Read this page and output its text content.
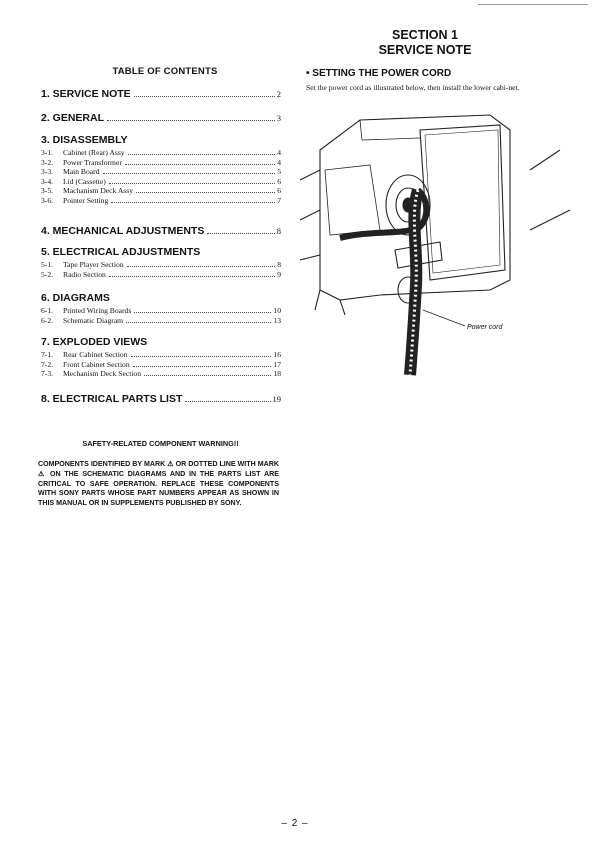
TABLE OF CONTENTS
1. SERVICE NOTE	2
2. GENERAL	3
3. DISASSEMBLY
3-1.	Cabinet (Rear) Assy	4
3-2.	Power Transformer	4
3-3.	Main Board	5
3-4.	Lid (Cassette)	6
3-5.	Machanism Deck Assy	6
3-6.	Pointer Setting	7
4. MECHANICAL ADJUSTMENTS	8
5. ELECTRICAL ADJUSTMENTS
5-1.	Tape Player Section	8
5-2.	Radio Section	9
6. DIAGRAMS
6-1.	Printed Wiring Boards	10
6-2.	Schematic Diagram	13
7. EXPLODED VIEWS
7-1.	Rear Cabinet Section	16
7-2.	Front Cabinet Section	17
7-3.	Mechanism Deck Section	18
8. ELECTRICAL PARTS LIST	19
SECTION 1
SERVICE NOTE
• SETTING THE POWER CORD
Set the power cord as illustrated below, then install the lower cabi-net.
Power cord
SAFETY-RELATED COMPONENT WARNING!!
COMPONENTS IDENTIFIED BY MARK ⚠ OR DOTTED LINE WITH MARK ⚠ ON THE SCHEMATIC DIAGRAMS AND IN THE PARTS LIST ARE CRITICAL TO SAFE OPERATION. REPLACE THESE COMPONENTS WITH SONY PARTS WHOSE PART NUMBERS APPEAR AS SHOWN IN THIS MANUAL OR IN SUPPLEMENTS PUBLISHED BY SONY.
– 2 –
